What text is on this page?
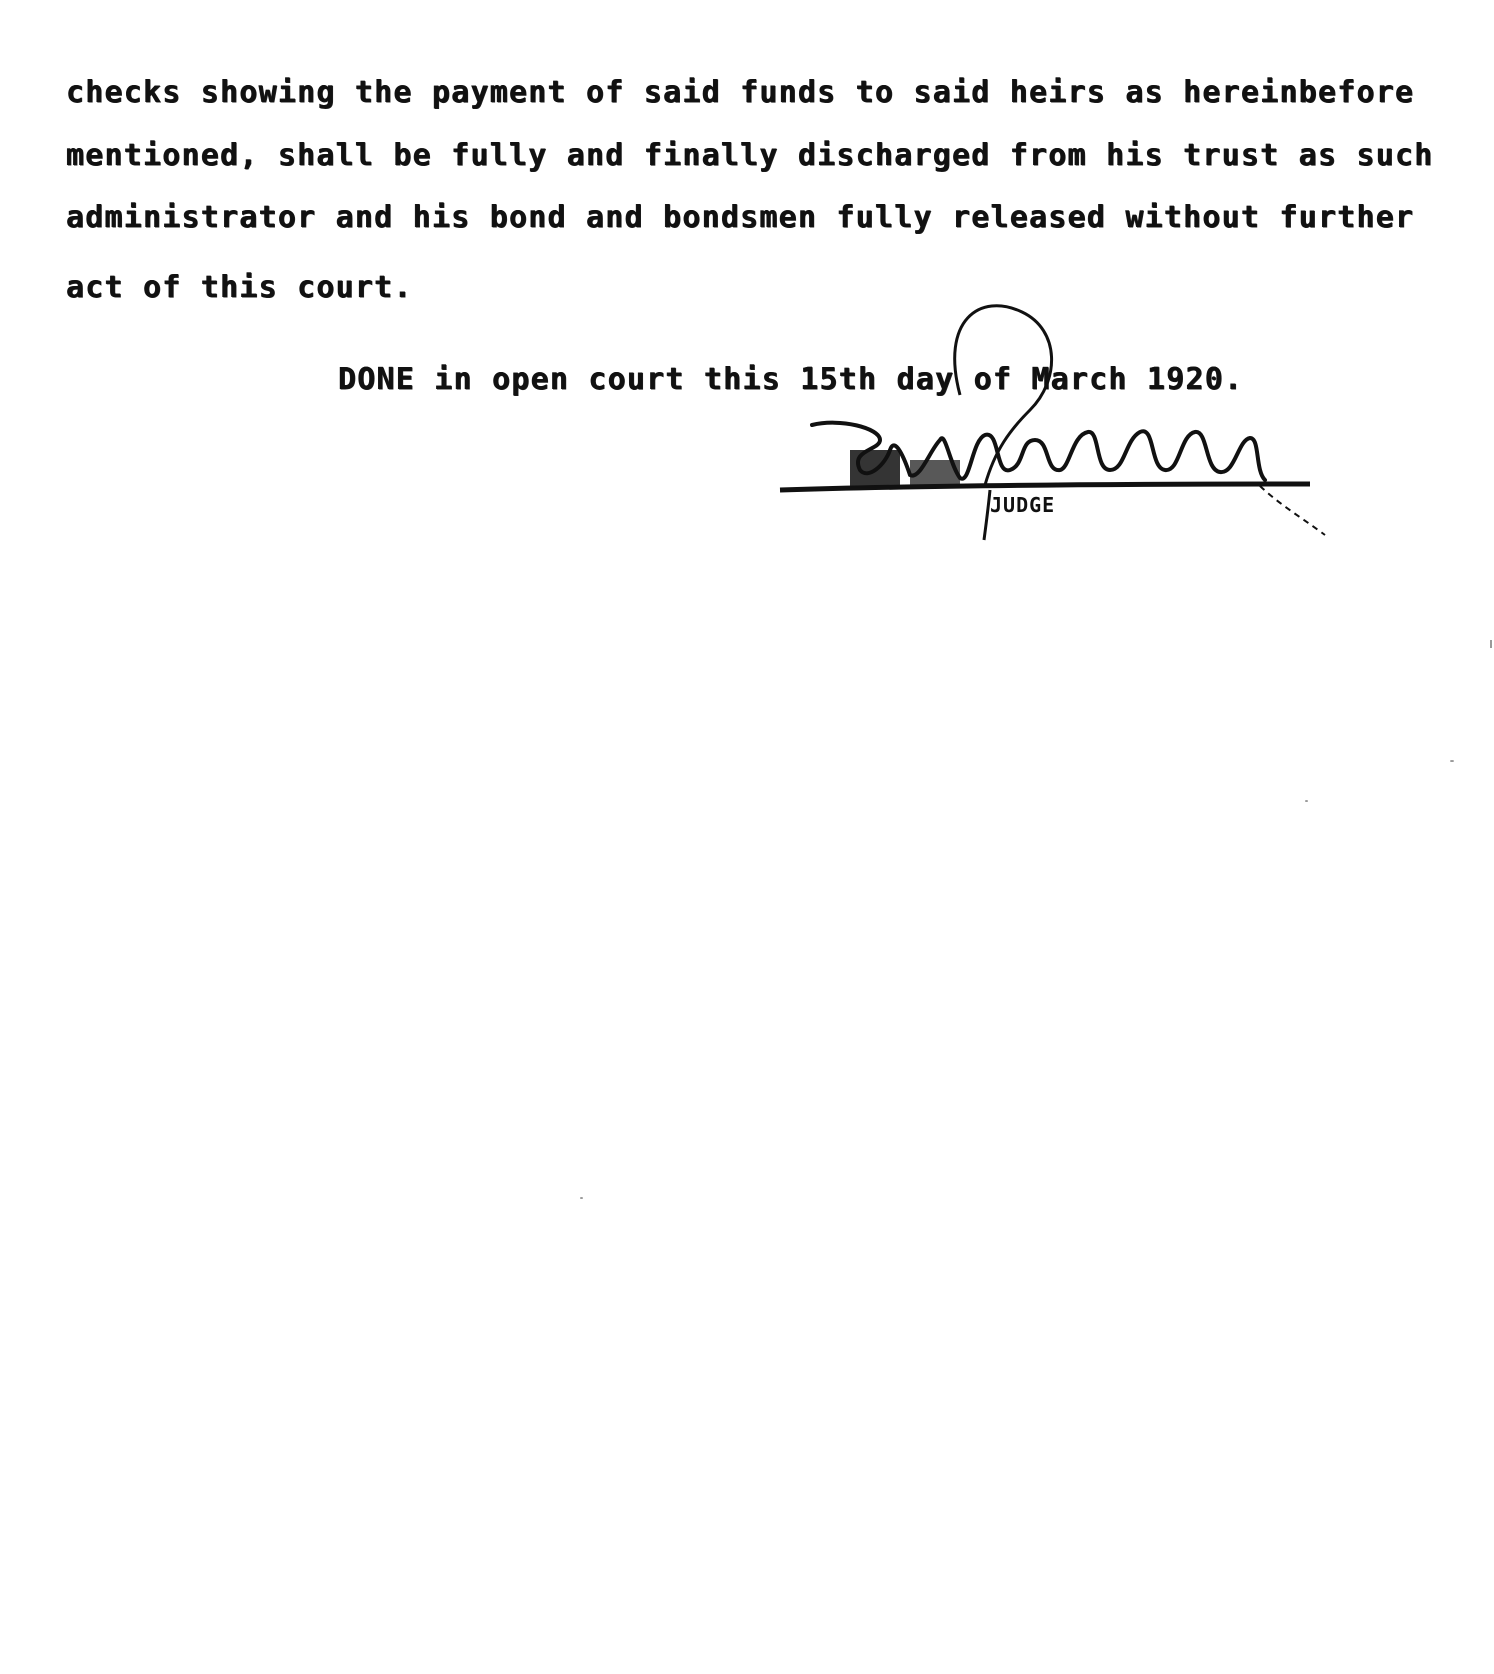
checks showing the payment of said funds to said heirs as hereinbefore
mentioned, shall be fully and finally discharged from his trust as such
administrator and his bond and bondsmen fully released without further
act of this court.
DONE in open court this 15th day of March 1920.
JUDGE
